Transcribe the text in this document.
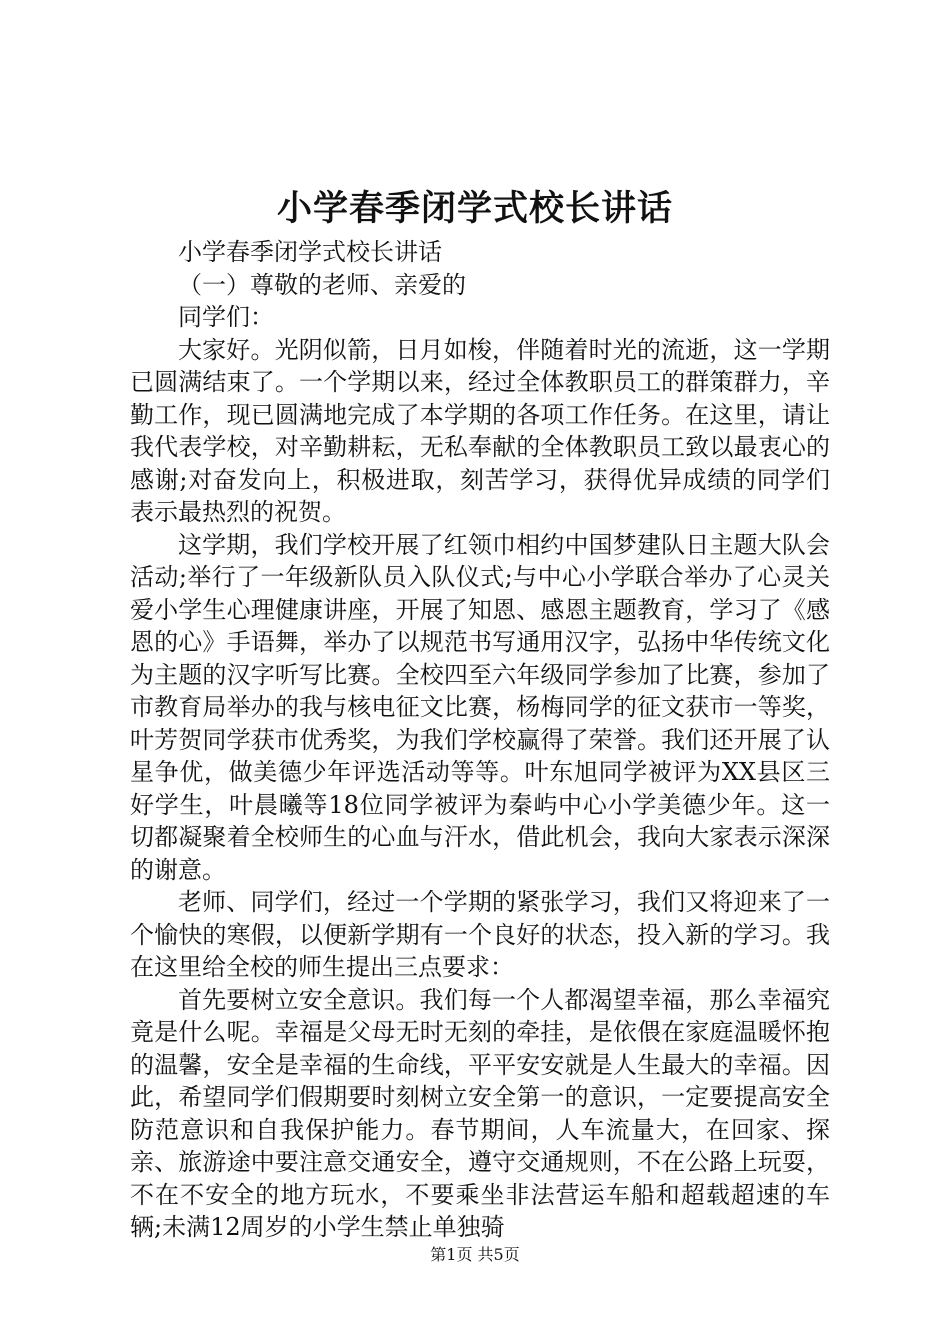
小学春季闭学式校长讲话

小学春季闭学式校长讲话

（一）尊敬的老师、亲爱的

同学们：

大家好。光阴似箭，日月如梭，伴随着时光的流逝，这一学期已圆满结束了。一个学期以来，经过全体教职员工的群策群力，辛勤工作，现已圆满地完成了本学期的各项工作任务。在这里，请让我代表学校，对辛勤耕耘，无私奉献的全体教职员工致以最衷心的感谢;对奋发向上，积极进取，刻苦学习，获得优异成绩的同学们表示最热烈的祝贺。

这学期，我们学校开展了红领巾相约中国梦建队日主题大队会活动;举行了一年级新队员入队仪式;与中心小学联合举办了心灵关爱小学生心理健康讲座，开展了知恩、感恩主题教育，学习了《感恩的心》手语舞，举办了以规范书写通用汉字，弘扬中华传统文化为主题的汉字听写比赛。全校四至六年级同学参加了比赛，参加了市教育局举办的我与核电征文比赛，杨梅同学的征文获市一等奖，叶芳贺同学获市优秀奖，为我们学校赢得了荣誉。我们还开展了认星争优，做美德少年评选活动等等。叶东旭同学被评为XX县区三好学生，叶晨曦等18位同学被评为秦屿中心小学美德少年。这一切都凝聚着全校师生的心血与汗水，借此机会，我向大家表示深深的谢意。

老师、同学们，经过一个学期的紧张学习，我们又将迎来了一个愉快的寒假，以便新学期有一个良好的状态，投入新的学习。我在这里给全校的师生提出三点要求：

首先要树立安全意识。我们每一个人都渴望幸福，那么幸福究竟是什么呢。幸福是父母无时无刻的牵挂，是依偎在家庭温暖怀抱的温馨，安全是幸福的生命线，平平安安就是人生最大的幸福。因此，希望同学们假期要时刻树立安全第一的意识，一定要提高安全防范意识和自我保护能力。春节期间，人车流量大，在回家、探亲、旅游途中要注意交通安全，遵守交通规则，不在公路上玩耍，不在不安全的地方玩水，不要乘坐非法营运车船和超载超速的车辆;未满12周岁的小学生禁止单独骑

第1页 共5页
